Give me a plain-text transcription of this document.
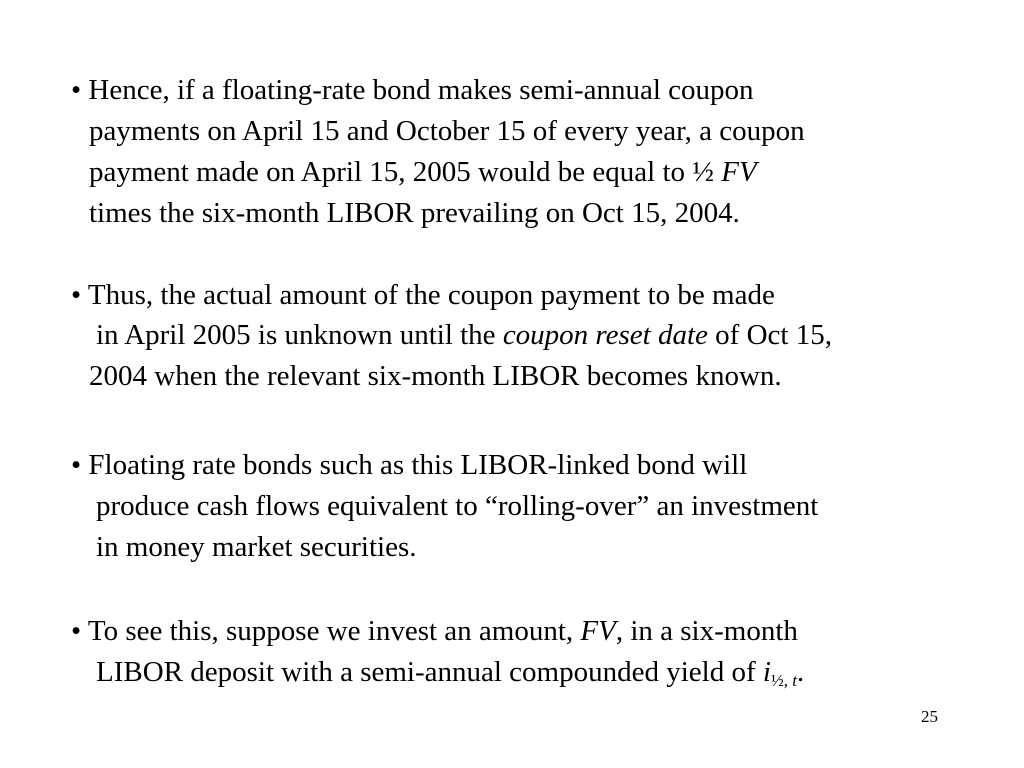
• Hence, if a floating-rate bond makes semi-annual coupon
payments on April 15 and October 15 of every year, a coupon
payment made on April 15, 2005 would be equal to ½ FV
times the six-month LIBOR prevailing on Oct 15, 2004.
• Thus, the actual amount of the coupon payment to be made
in April 2005 is unknown until the coupon reset date of Oct 15,
2004 when the relevant six-month LIBOR becomes known.
• Floating rate bonds such as this LIBOR-linked bond will
produce cash flows equivalent to “rolling-over” an investment
in money market securities.
• To see this, suppose we invest an amount, FV, in a six-month
LIBOR deposit with a semi-annual compounded yield of $i_{\frac{1}{2}, t}$.
25
